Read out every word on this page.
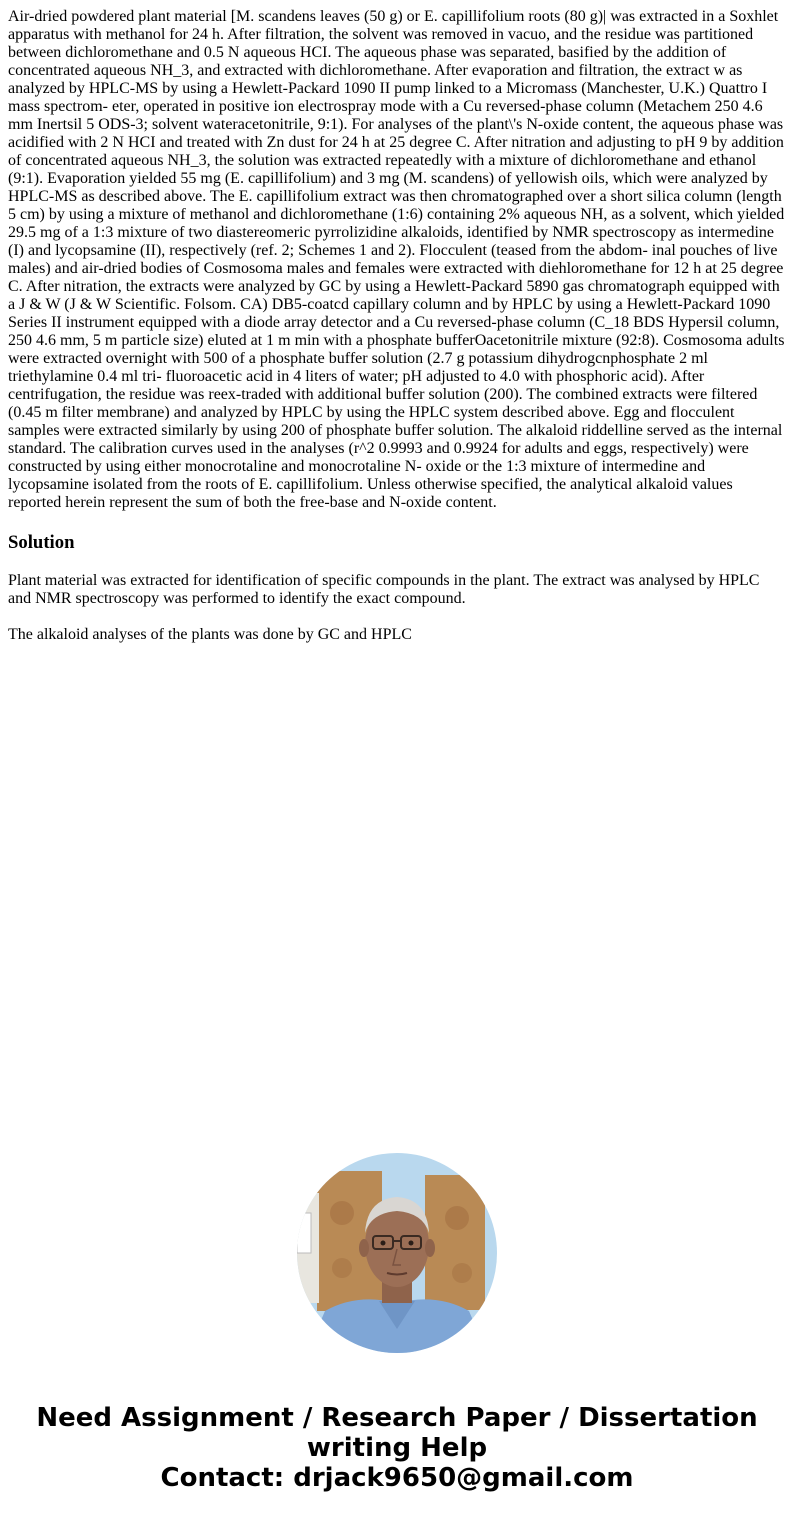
Air-dried powdered plant material [M. scandens leaves (50 g) or E. capillifolium roots (80 g)| was extracted in a Soxhlet apparatus with methanol for 24 h. After filtration, the solvent was removed in vacuo, and the residue was partitioned between dichloromethane and 0.5 N aqueous HCI. The aqueous phase was separated, basified by the addition of concentrated aqueous NH_3, and extracted with dichloromethane. After evaporation and filtration, the extract w as analyzed by HPLC-MS by using a Hewlett-Packard 1090 II pump linked to a Micromass (Manchester, U.K.) Quattro I mass spectrom- eter, operated in positive ion electrospray mode with a Cu reversed-phase column (Metachem 250 4.6 mm Inertsil 5 ODS-3; solvent wateracetonitrile, 9:1). For analyses of the plant\'s N-oxide content, the aqueous phase was acidified with 2 N HCI and treated with Zn dust for 24 h at 25 degree C. After nitration and adjusting to pH 9 by addition of concentrated aqueous NH_3, the solution was extracted repeatedly with a mixture of dichloromethane and ethanol (9:1). Evaporation yielded 55 mg (E. capillifolium) and 3 mg (M. scandens) of yellowish oils, which were analyzed by HPLC-MS as described above. The E. capillifolium extract was then chromatographed over a short silica column (length 5 cm) by using a mixture of methanol and dichloromethane (1:6) containing 2% aqueous NH, as a solvent, which yielded 29.5 mg of a 1:3 mixture of two diastereomeric pyrrolizidine alkaloids, identified by NMR spectroscopy as intermedine (I) and lycopsamine (II), respectively (ref. 2; Schemes 1 and 2). Flocculent (teased from the abdom- inal pouches of live males) and air-dried bodies of Cosmosoma males and females were extracted with diehloromethane for 12 h at 25 degree C. After nitration, the extracts were analyzed by GC by using a Hewlett-Packard 5890 gas chromatograph equipped with a J & W (J & W Scientific. Folsom. CA) DB5-coatcd capillary column and by HPLC by using a Hewlett-Packard 1090 Series II instrument equipped with a diode array detector and a Cu reversed-phase column (C_18 BDS Hypersil column, 250 4.6 mm, 5 m particle size) eluted at 1 m min with a phosphate bufferOacetonitrile mixture (92:8). Cosmosoma adults were extracted overnight with 500 of a phosphate buffer solution (2.7 g potassium dihydrogcnphosphate 2 ml triethylamine 0.4 ml tri- fluoroacetic acid in 4 liters of water; pH adjusted to 4.0 with phosphoric acid). After centrifugation, the residue was reex-traded with additional buffer solution (200). The combined extracts were filtered (0.45 m filter membrane) and analyzed by HPLC by using the HPLC system described above. Egg and flocculent samples were extracted similarly by using 200 of phosphate buffer solution. The alkaloid riddelline served as the internal standard. The calibration curves used in the analyses (r^2 0.9993 and 0.9924 for adults and eggs, respectively) were constructed by using either monocrotaline and monocrotaline N- oxide or the 1:3 mixture of intermedine and lycopsamine isolated from the roots of E. capillifolium. Unless otherwise specified, the analytical alkaloid values reported herein represent the sum of both the free-base and N-oxide content.

Solution

Plant material was extracted for identification of specific compounds in the plant. The extract was analysed by HPLC and NMR spectroscopy was performed to identify the exact compound.

The alkaloid analyses of the plants was done by GC and HPLC

Need Assignment / Research Paper / Dissertation
writing Help
Contact: drjack9650@gmail.com
